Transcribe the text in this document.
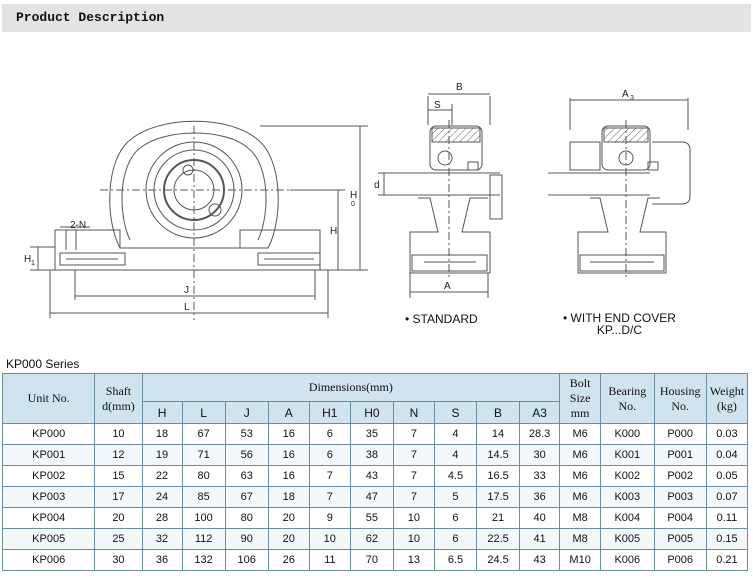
Product Description
2-N
H 1
J
L
H
0
H
B
S
d
A
A 3
• STANDARD	• WITH END COVER
KP...D/C
KP000 Series
Unit No.	Shaft d(mm)	Dimensions(mm)										Bolt Size mm	Bearing No.	Housing No.	Weight (kg)
		H	L	J	A	H1	H0	N	S	B	A3				
KP000	10	18	67	53	16	6	35	7	4	14	28.3	M6	K000	P000	0.03
KP001	12	19	71	56	16	6	38	7	4	14.5	30	M6	K001	P001	0.04
KP002	15	22	80	63	16	7	43	7	4.5	16.5	33	M6	K002	P002	0.05
KP003	17	24	85	67	18	7	47	7	5	17.5	36	M6	K003	P003	0.07
KP004	20	28	100	80	20	9	55	10	6	21	40	M8	K004	P004	0.11
KP005	25	32	112	90	20	10	62	10	6	22.5	41	M8	K005	P005	0.15
KP006	30	36	132	106	26	11	70	13	6.5	24.5	43	M10	K006	P006	0.21
